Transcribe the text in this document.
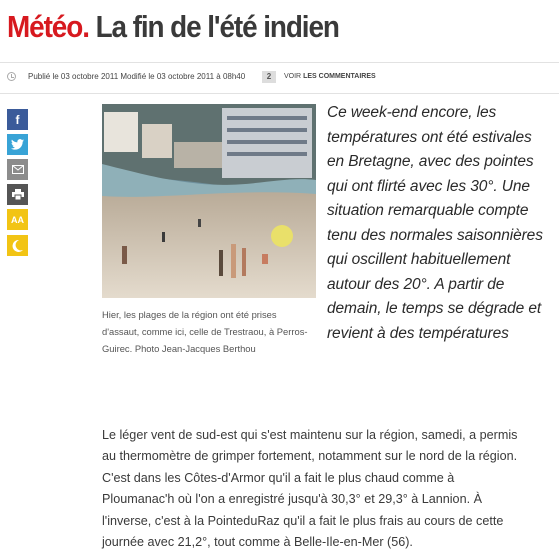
Météo. La fin de l'été indien
Publié le 03 octobre 2011 Modifié le 03 octobre 2011 à 08h40	2	VOIR LES COMMENTAIRES
f
AA
Hier, les plages de la région ont été prises d'assaut, comme ici, celle de Trestraou, à Perros-Guirec. Photo Jean-Jacques Berthou
Ce week-end encore, les températures ont été estivales en Bretagne, avec des pointes qui ont flirté avec les 30°. Une situation remarquable compte tenu des normales saisonnières qui oscillent habituellement autour des 20°. A partir de demain, le temps se dégrade et revient à des températures
Le léger vent de sud-est qui s'est maintenu sur la région, samedi, a permis au thermomètre de grimper fortement, notamment sur le nord de la région. C'est dans les Côtes-d'Armor qu'il a fait le plus chaud comme à Ploumanac'h où l'on a enregistré jusqu'à 30,3° et 29,3° à Lannion. À l'inverse, c'est à la PointeduRaz qu'il a fait le plus frais au cours de cette journée avec 21,2°, tout comme à Belle-Ile-en-Mer (56).
